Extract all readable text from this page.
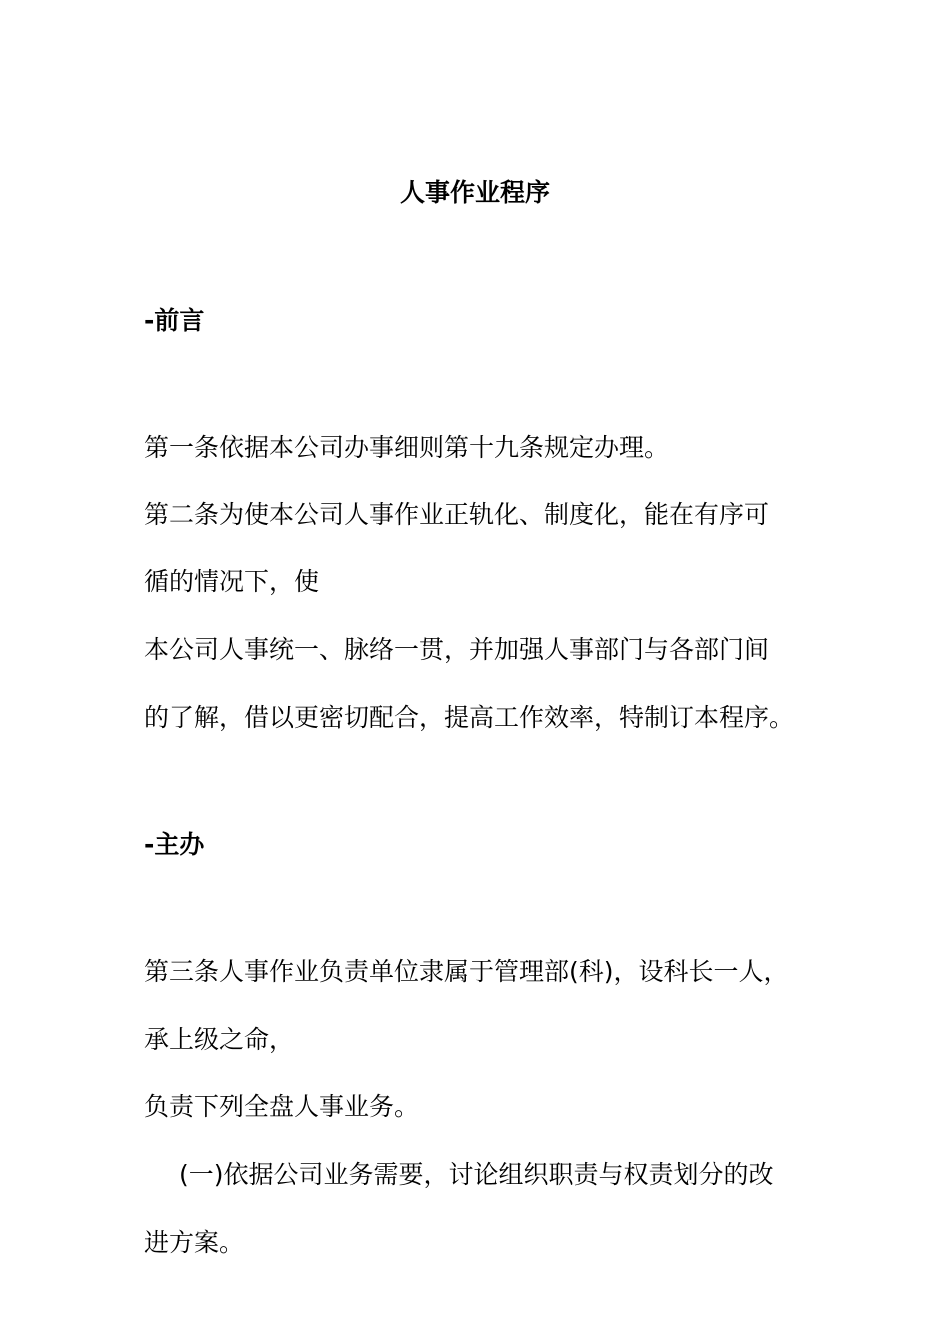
人事作业程序
-前言

第一条依据本公司办事细则第十九条规定办理。

第二条为使本公司人事作业正轨化、制度化，能在有序可

循的情况下，使

本公司人事统一、脉络一贯，并加强人事部门与各部门间

的了解，借以更密切配合，提高工作效率，特制订本程序。

-主办

第三条人事作业负责单位隶属于管理部(科)，设科长一人，

承上级之命，

负责下列全盘人事业务。

(一)依据公司业务需要，讨论组织职责与权责划分的改

进方案。
